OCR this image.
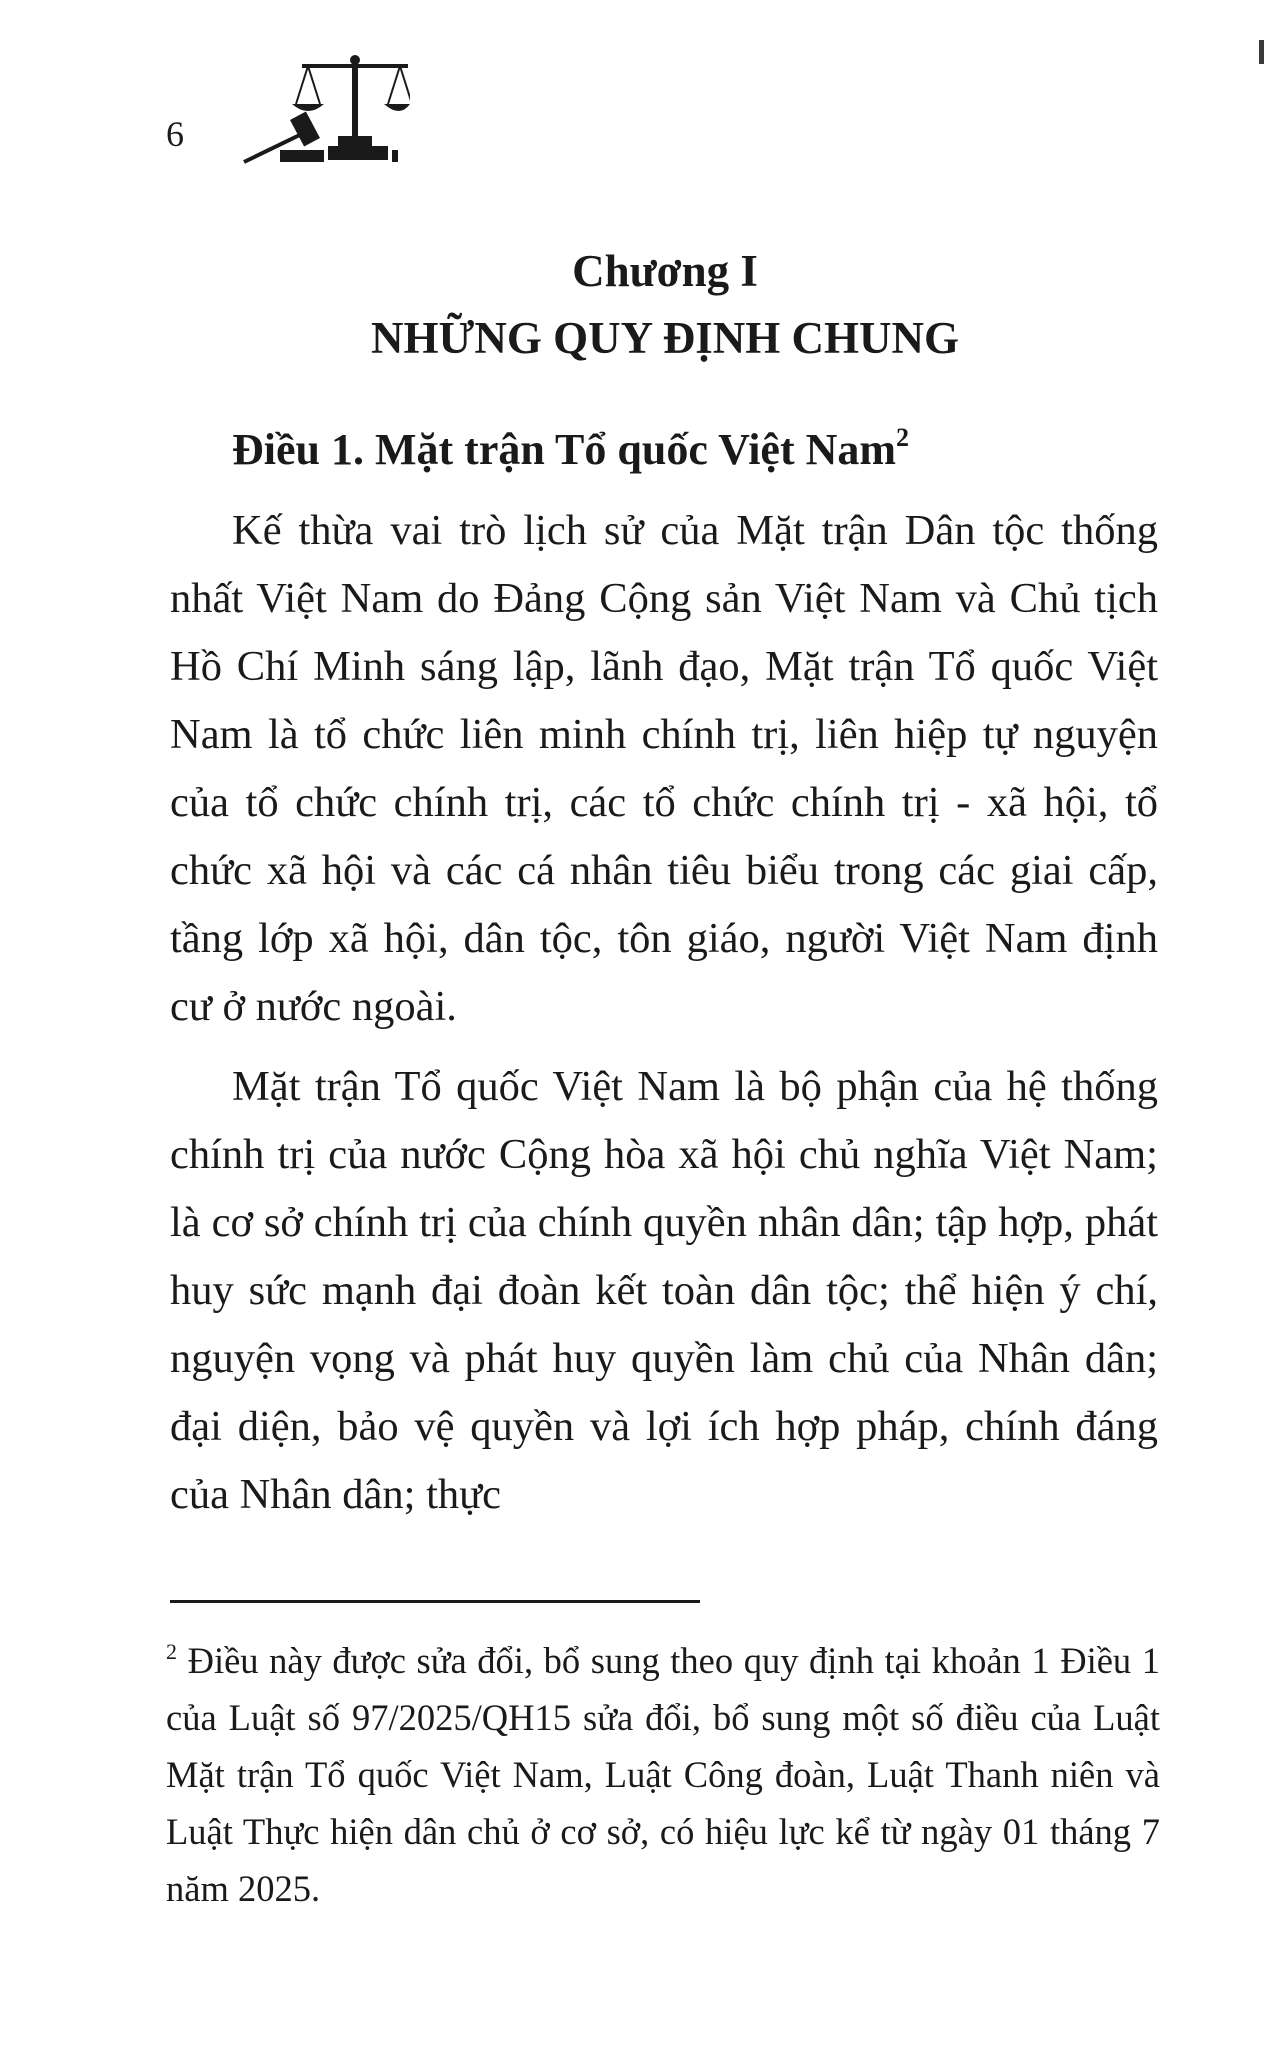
6
Chương I
NHỮNG QUY ĐỊNH CHUNG
Điều 1. Mặt trận Tổ quốc Việt Nam$^2$

Kế thừa vai trò lịch sử của Mặt trận Dân tộc thống nhất Việt Nam do Đảng Cộng sản Việt Nam và Chủ tịch Hồ Chí Minh sáng lập, lãnh đạo, Mặt trận Tổ quốc Việt Nam là tổ chức liên minh chính trị, liên hiệp tự nguyện của tổ chức chính trị, các tổ chức chính trị - xã hội, tổ chức xã hội và các cá nhân tiêu biểu trong các giai cấp, tầng lớp xã hội, dân tộc, tôn giáo, người Việt Nam định cư ở nước ngoài.

Mặt trận Tổ quốc Việt Nam là bộ phận của hệ thống chính trị của nước Cộng hòa xã hội chủ nghĩa Việt Nam; là cơ sở chính trị của chính quyền nhân dân; tập hợp, phát huy sức mạnh đại đoàn kết toàn dân tộc; thể hiện ý chí, nguyện vọng và phát huy quyền làm chủ của Nhân dân; đại diện, bảo vệ quyền và lợi ích hợp pháp, chính đáng của Nhân dân; thực

$^2$ Điều này được sửa đổi, bổ sung theo quy định tại khoản 1 Điều 1 của Luật số 97/2025/QH15 sửa đổi, bổ sung một số điều của Luật Mặt trận Tổ quốc Việt Nam, Luật Công đoàn, Luật Thanh niên và Luật Thực hiện dân chủ ở cơ sở, có hiệu lực kể từ ngày 01 tháng 7 năm 2025.
